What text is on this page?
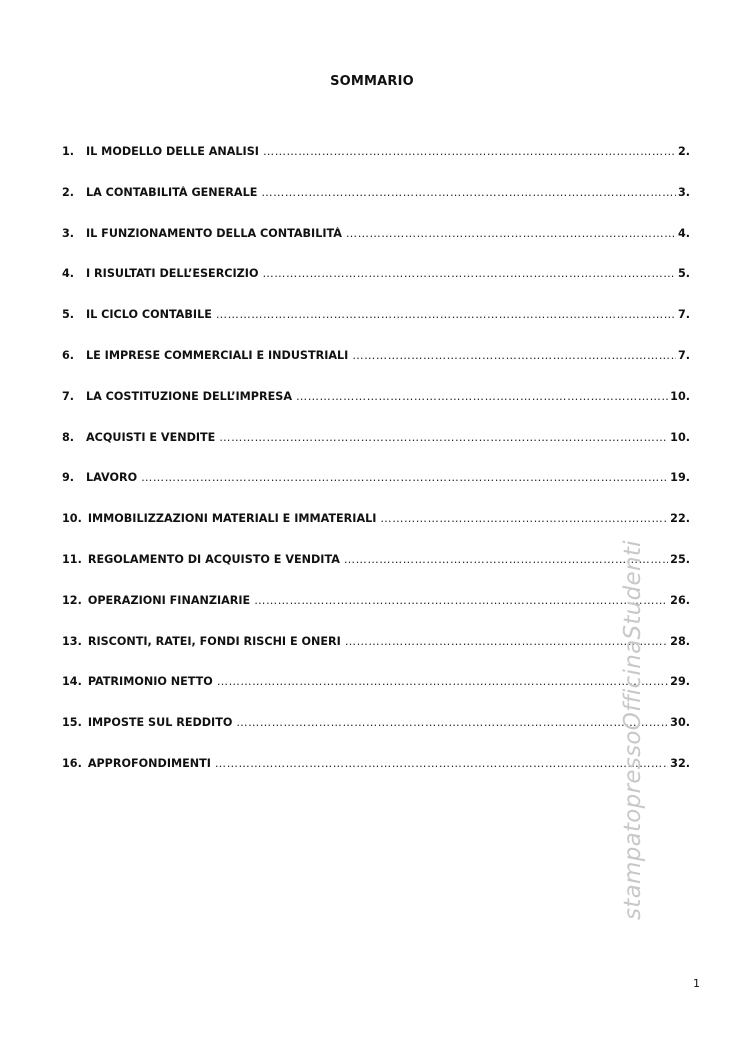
SOMMARIO
1.	IL MODELLO DELLE ANALISI ……………………………………………………………………………………………………………………………………………………………………………………………………	2.
2.	LA CONTABILITÁ GENERALE ……………………………………………………………………………………………………………………………………………………………………………………………………	3.
3.	IL FUNZIONAMENTO DELLA CONTABILITÁ ……………………………………………………………………………………………………………………………………………………………………………………………………	4.
4.	I RISULTATI DELL’ESERCIZIO ……………………………………………………………………………………………………………………………………………………………………………………………………	5.
5.	IL CICLO CONTABILE ……………………………………………………………………………………………………………………………………………………………………………………………………	7.
6.	LE IMPRESE COMMERCIALI E INDUSTRIALI ……………………………………………………………………………………………………………………………………………………………………………………………………	7.
7.	LA COSTITUZIONE DELL’IMPRESA ……………………………………………………………………………………………………………………………………………………………………………………………………	10.
8.	ACQUISTI E VENDITE ……………………………………………………………………………………………………………………………………………………………………………………………………	10.
9.	LAVORO ……………………………………………………………………………………………………………………………………………………………………………………………………	19.
10. IMMOBILIZZAZIONI MATERIALI E IMMATERIALI ……………………………………………………………………………………………………………………………………………………………………………………………………	22.
11. REGOLAMENTO DI ACQUISTO E VENDITA ……………………………………………………………………………………………………………………………………………………………………………………………………	25.
12. OPERAZIONI FINANZIARIE ……………………………………………………………………………………………………………………………………………………………………………………………………	26.
13. RISCONTI, RATEI, FONDI RISCHI E ONERI ……………………………………………………………………………………………………………………………………………………………………………………………………	28.
14. PATRIMONIO NETTO ……………………………………………………………………………………………………………………………………………………………………………………………………	29.
15. IMPOSTE SUL REDDITO ……………………………………………………………………………………………………………………………………………………………………………………………………	30.
16. APPROFONDIMENTI ……………………………………………………………………………………………………………………………………………………………………………………………………	32.
stampatopressoOfficinaStudenti
1
